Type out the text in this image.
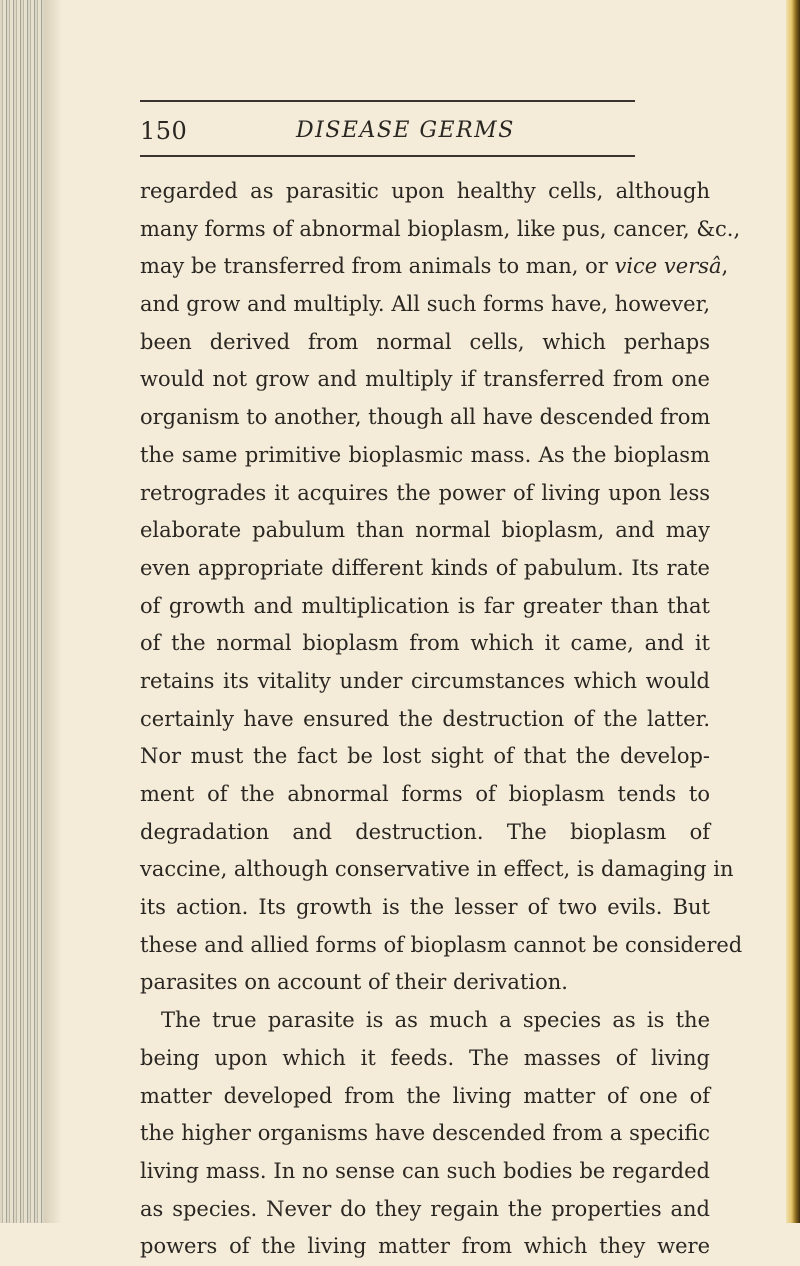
150	DISEASE GERMS
regarded as parasitic upon healthy cells, although
many forms of abnormal bioplasm, like pus, cancer, &c.,
may be transferred from animals to man, or vice versâ,
and grow and multiply. All such forms have, however,
been derived from normal cells, which perhaps
would not grow and multiply if transferred from one
organism to another, though all have descended from
the same primitive bioplasmic mass. As the bioplasm
retrogrades it acquires the power of living upon less
elaborate pabulum than normal bioplasm, and may
even appropriate different kinds of pabulum. Its rate
of growth and multiplication is far greater than that
of the normal bioplasm from which it came, and it
retains its vitality under circumstances which would
certainly have ensured the destruction of the latter.
Nor must the fact be lost sight of that the develop-
ment of the abnormal forms of bioplasm tends to
degradation and destruction. The bioplasm of
vaccine, although conservative in effect, is damaging in
its action. Its growth is the lesser of two evils. But
these and allied forms of bioplasm cannot be considered
parasites on account of their derivation.
The true parasite is as much a species as is the
being upon which it feeds. The masses of living
matter developed from the living matter of one of
the higher organisms have descended from a specific
living mass. In no sense can such bodies be regarded
as species. Never do they regain the properties and
powers of the living matter from which they were
